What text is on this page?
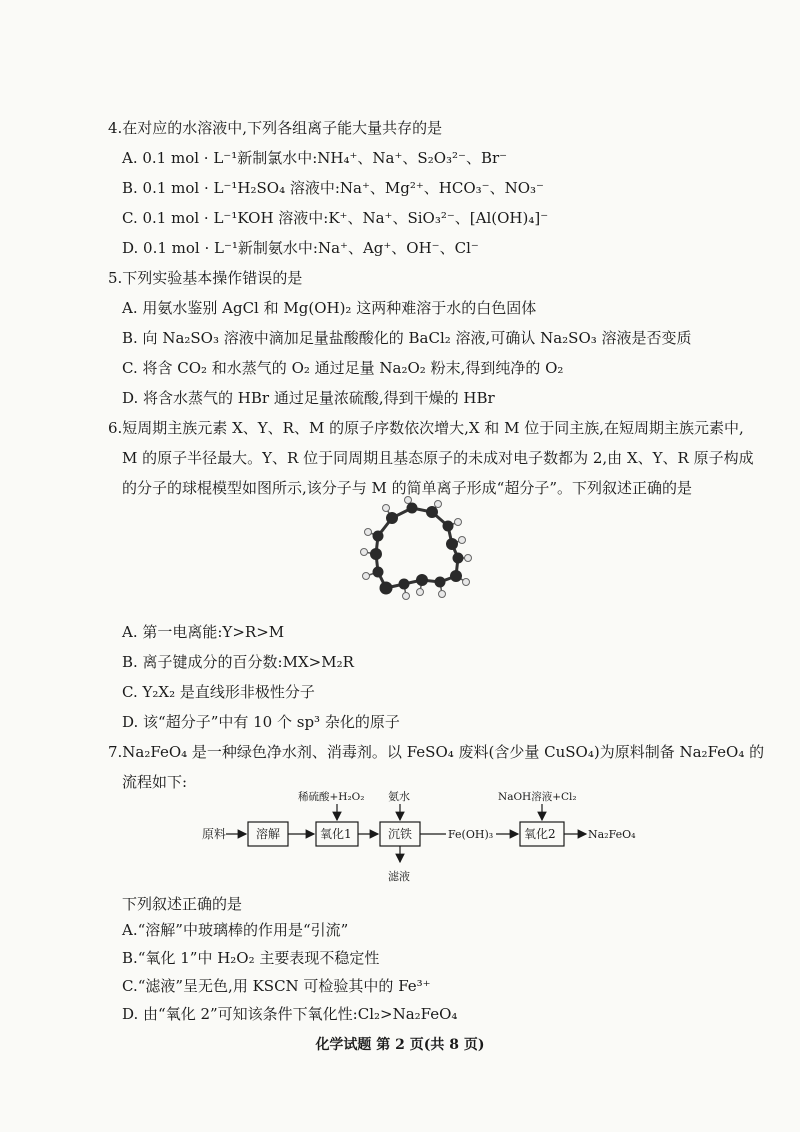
4.在对应的水溶液中,下列各组离子能大量共存的是
A. 0.1 mol · L⁻¹新制氯水中:NH₄⁺、Na⁺、S₂O₃²⁻、Br⁻
B. 0.1 mol · L⁻¹H₂SO₄ 溶液中:Na⁺、Mg²⁺、HCO₃⁻、NO₃⁻
C. 0.1 mol · L⁻¹KOH 溶液中:K⁺、Na⁺、SiO₃²⁻、[Al(OH)₄]⁻
D. 0.1 mol · L⁻¹新制氨水中:Na⁺、Ag⁺、OH⁻、Cl⁻
5.下列实验基本操作错误的是
A. 用氨水鉴别 AgCl 和 Mg(OH)₂ 这两种难溶于水的白色固体
B. 向 Na₂SO₃ 溶液中滴加足量盐酸酸化的 BaCl₂ 溶液,可确认 Na₂SO₃ 溶液是否变质
C. 将含 CO₂ 和水蒸气的 O₂ 通过足量 Na₂O₂ 粉末,得到纯净的 O₂
D. 将含水蒸气的 HBr 通过足量浓硫酸,得到干燥的 HBr
6.短周期主族元素 X、Y、R、M 的原子序数依次增大,X 和 M 位于同主族,在短周期主族元素中,
M 的原子半径最大。Y、R 位于同周期且基态原子的未成对电子数都为 2,由 X、Y、R 原子构成
的分子的球棍模型如图所示,该分子与 M 的简单离子形成“超分子”。下列叙述正确的是
A. 第一电离能:Y>R>M
B. 离子键成分的百分数:MX>M₂R
C. Y₂X₂ 是直线形非极性分子
D. 该“超分子”中有 10 个 sp³ 杂化的原子
7.Na₂FeO₄ 是一种绿色净水剂、消毒剂。以 FeSO₄ 废料(含少量 CuSO₄)为原料制备 Na₂FeO₄ 的
流程如下:
原料 溶解	氧化1
稀硫酸+H₂O₂
沉铁
氨水
滤液
Fe(OH)₃	氧化2
NaOH溶液+Cl₂
Na₂FeO₄
下列叙述正确的是
A.“溶解”中玻璃棒的作用是“引流”
B.“氧化 1”中 H₂O₂ 主要表现不稳定性
C.“滤液”呈无色,用 KSCN 可检验其中的 Fe³⁺
D. 由“氧化 2”可知该条件下氧化性:Cl₂>Na₂FeO₄
化学试题 第 2 页(共 8 页)
